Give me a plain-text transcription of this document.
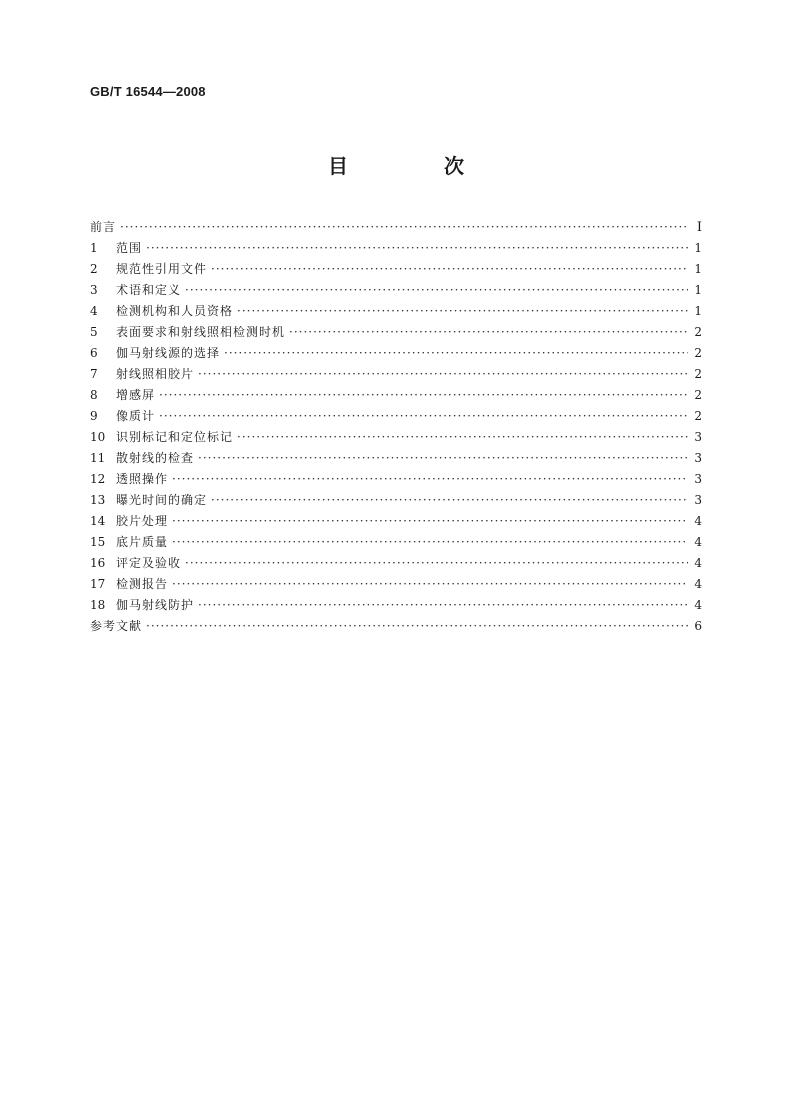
GB/T 16544—2008
目　次
前言 ·····	Ⅰ
1	范围 ·····	1
2	规范性引用文件 ·····	1
3	术语和定义 ·····	1
4	检测机构和人员资格 ·····	1
5	表面要求和射线照相检测时机 ·····	2
6	伽马射线源的选择 ·····	2
7	射线照相胶片 ·····	2
8	增感屏 ·····	2
9	像质计 ·····	2
10 识别标记和定位标记 ·····	3
11 散射线的检查 ·····	3
12 透照操作 ·····	3
13 曝光时间的确定 ·····	3
14 胶片处理 ·····	4
15 底片质量 ·····	4
16 评定及验收 ·····	4
17 检测报告 ·····	4
18 伽马射线防护 ·····	4
参考文献 ·····	6
